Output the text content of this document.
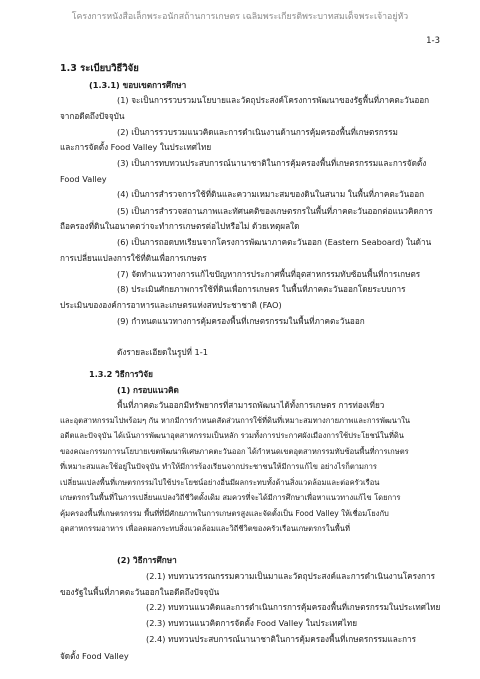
โครงการหนังสือเล็กพระอนักสถ้านการเกษตร เฉลิมพระเกียรติพระบาทสมเด็จพระเจ้าอยู่หัว
1-3
1.3 ระเบียบวิธีวิจัย
(1.3.1) ขอบเขตการศึกษา
(1) จะเป็นการรวบรวมนโยบายและวัตถุประสงค์โครงการพัฒนาของรัฐพื้นที่ภาคตะวันออก
จากอดีตถึงปัจจุบัน
(2) เป็นการรวบรวมแนวคิดและการดำเนินงานด้านการคุ้มครองพื้นที่เกษตรกรรม
และการจัดตั้ง Food Valley ในประเทศไทย
(3) เป็นการทบทวนประสบการณ์นานาชาติในการคุ้มครองพื้นที่เกษตรกรรมและการจัดตั้ง
Food Valley
(4) เป็นการสำรวจการใช้ที่ดินและความเหมาะสมของดินในสนาม ในพื้นที่ภาคตะวันออก
(5) เป็นการสำรวจสถานภาพและทัศนคติของเกษตรกรในพื้นที่ภาคตะวันออกต่อแนวคิดการ
ถือครองที่ดินในอนาคตว่าจะทำการเกษตรต่อไปหรือไม่ ด้วยเหตุผลใด
(6) เป็นการถอดบทเรียนจากโครงการพัฒนาภาคตะวันออก (Eastern Seaboard) ในด้าน
การเปลี่ยนแปลงการใช้ที่ดินเพื่อการเกษตร
(7) จัดทำแนวทางการแก้ไขปัญหาการประกาศพื้นที่อุตสาหกรรมทับซ้อนพื้นที่การเกษตร
(8) ประเมินศักยภาพการใช้ที่ดินเพื่อการเกษตร ในพื้นที่ภาคตะวันออกโดยระบบการ
ประเมินขององค์การอาหารและเกษตรแห่งสหประชาชาติ (FAO)
(9) กำหนดแนวทางการคุ้มครองพื้นที่เกษตรกรรมในพื้นที่ภาคตะวันออก
ดังรายละเอียดในรูปที่ 1-1
1.3.2 วิธีการวิจัย
(1) กรอบแนวคิด
พื้นที่ภาคตะวันออกมีทรัพยากรที่สามารถพัฒนาได้ทั้งการเกษตร การท่องเที่ยว
และอุตสาหกรรมไปพร้อมๆ กัน หากมีการกำหนดสัดส่วนการใช้ที่ดินที่เหมาะสมทางกายภาพและการพัฒนาใน
อดีตและปัจจุบัน ได้เน้นการพัฒนาอุตสาหกรรมเป็นหลัก รวมทั้งการประกาศผังเมืองการใช้ประโยชน์ในที่ดิน
ของคณะกรรมการนโยบายเขตพัฒนาพิเศษภาคตะวันออก ได้กำหนดเขตอุตสาหกรรมทับซ้อนพื้นที่การเกษตร
ที่เหมาะสมและใช้อยู่ในปัจจุบัน ทำให้มีการร้องเรียนจากประชาชนให้มีการแก้ไข อย่างไรก็ตามการ
เปลี่ยนแปลงพื้นที่เกษตรกรรมไปใช้ประโยชน์อย่างอื่นมีผลกระทบทั้งด้านสิ่งแวดล้อมและต่อครัวเรือน
เกษตรกรในพื้นที่ในการเปลี่ยนแปลงวิถีชีวิตดั้งเดิม สมควรที่จะได้มีการศึกษาเพื่อหาแนวทางแก้ไข โดยการ
คุ้มครองพื้นที่เกษตรกรรม พื้นที่ที่มีศักยภาพในการเกษตรสูงและจัดตั้งเป็น Food Valley ให้เชื่อมโยงกับ
อุตสาหกรรมอาหาร เพื่อลดผลกระทบสิ่งแวดล้อมและวิถีชีวิตของครัวเรือนเกษตรกรในพื้นที่
(2) วิธีการศึกษา
(2.1) ทบทวนวรรณกรรมความเป็นมาและวัตถุประสงค์และการดำเนินงานโครงการ
ของรัฐในพื้นที่ภาคตะวันออกในอดีตถึงปัจจุบัน
(2.2) ทบทวนแนวคิดและการดำเนินการการคุ้มครองพื้นที่เกษตรกรรมในประเทศไทย
(2.3) ทบทวนแนวคิดการจัดตั้ง Food Valley ในประเทศไทย
(2.4) ทบทวนประสบการณ์นานาชาติในการคุ้มครองพื้นที่เกษตรกรรมและการ
จัดตั้ง Food Valley
